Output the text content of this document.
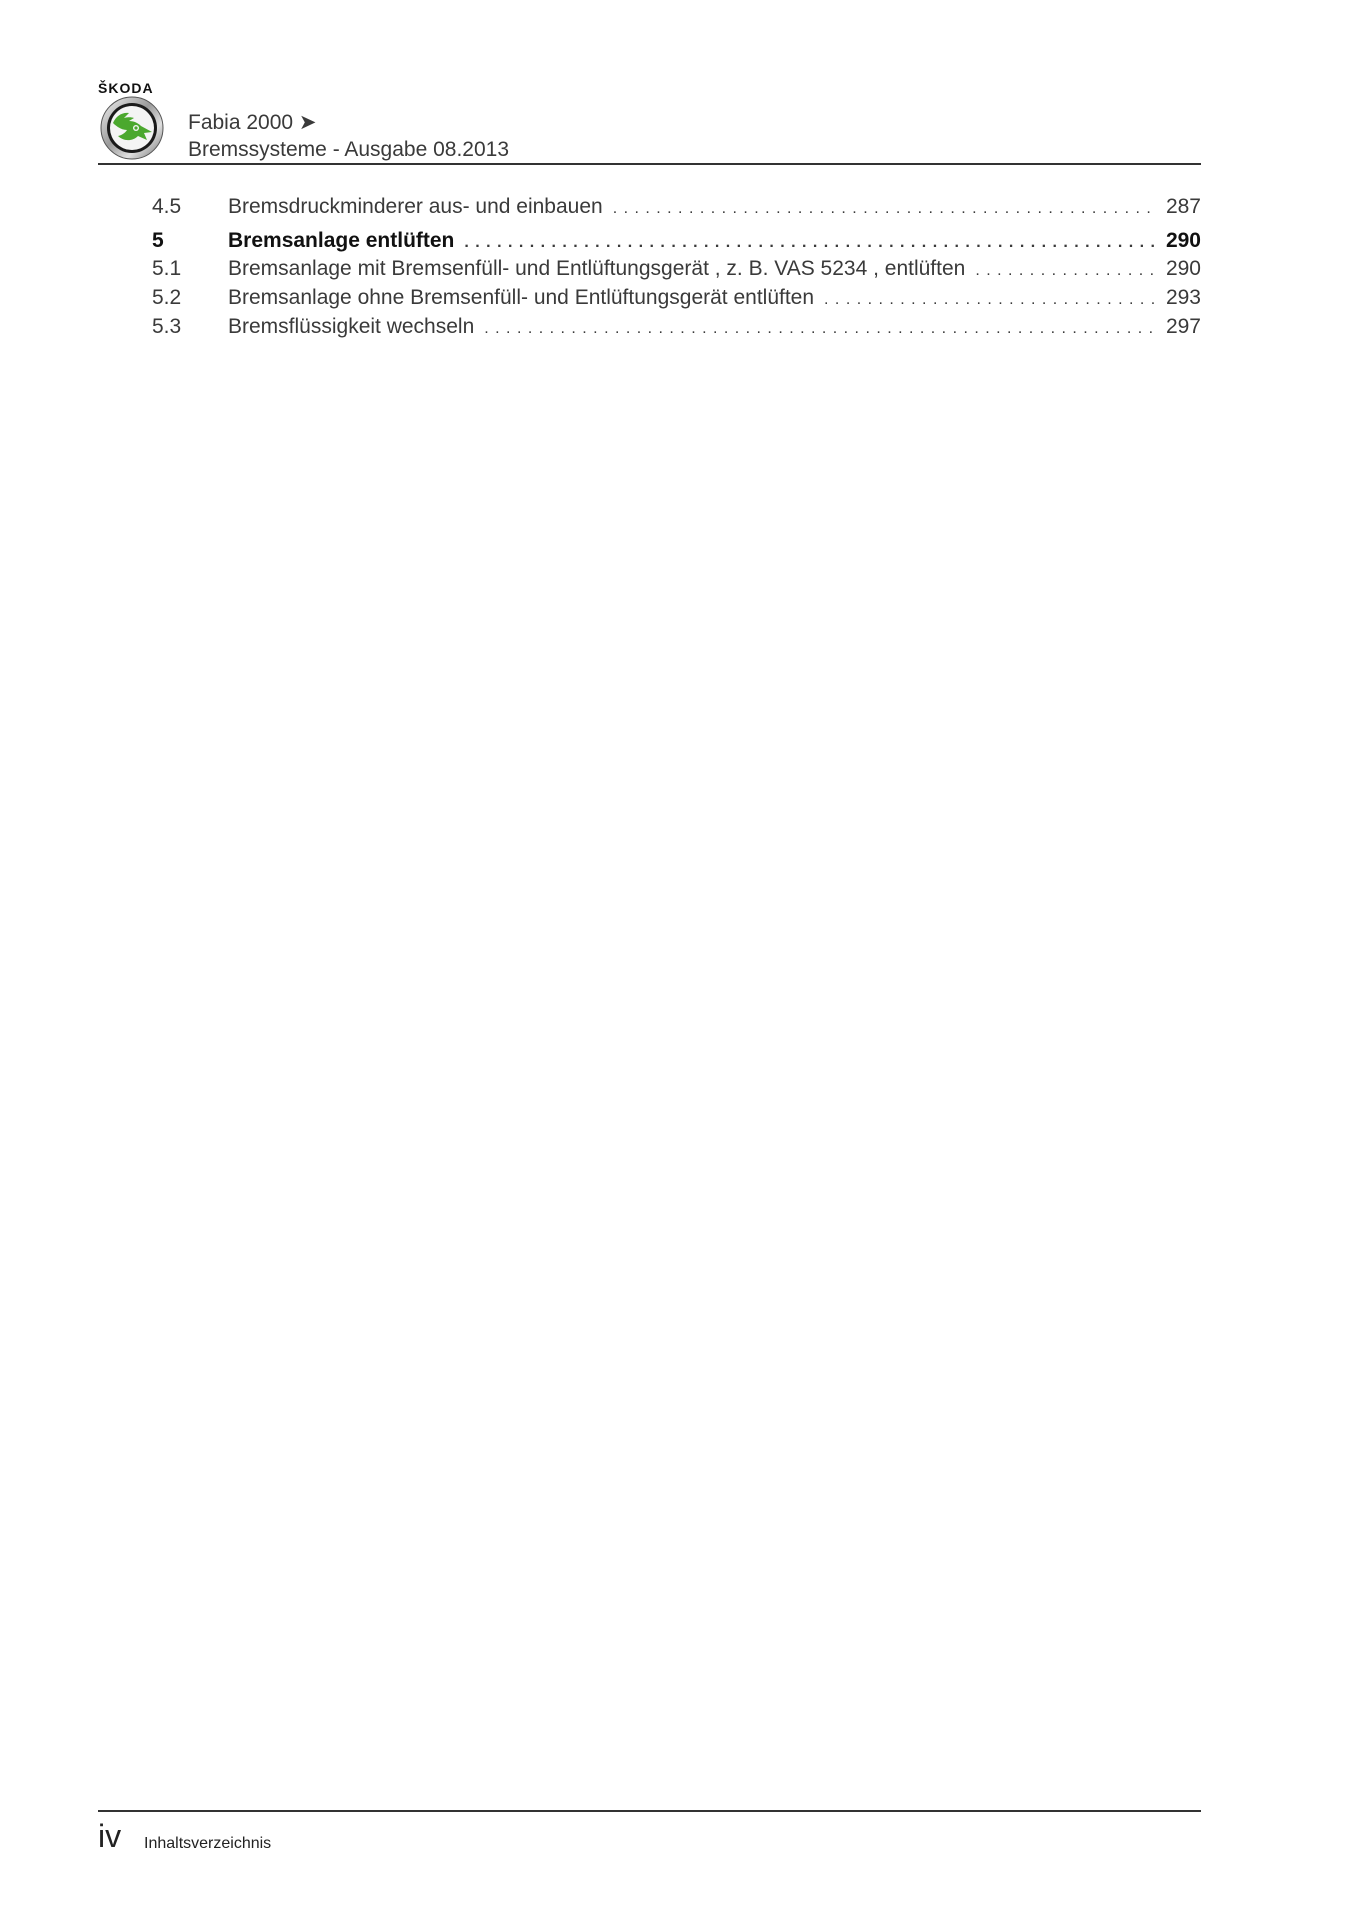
ŠKODA
Fabia 2000 ➤
Bremssysteme - Ausgabe 08.2013
4.5	Bremsdruckminderer aus- und einbauen . . .	287
5	Bremsanlage entlüften . . .	290
5.1	Bremsanlage mit Bremsenfüll- und Entlüftungsgerät , z. B. VAS 5234 , entlüften . . .	290
5.2	Bremsanlage ohne Bremsenfüll- und Entlüftungsgerät entlüften . . .	293
5.3	Bremsflüssigkeit wechseln . . .	297
iv Inhaltsverzeichnis
